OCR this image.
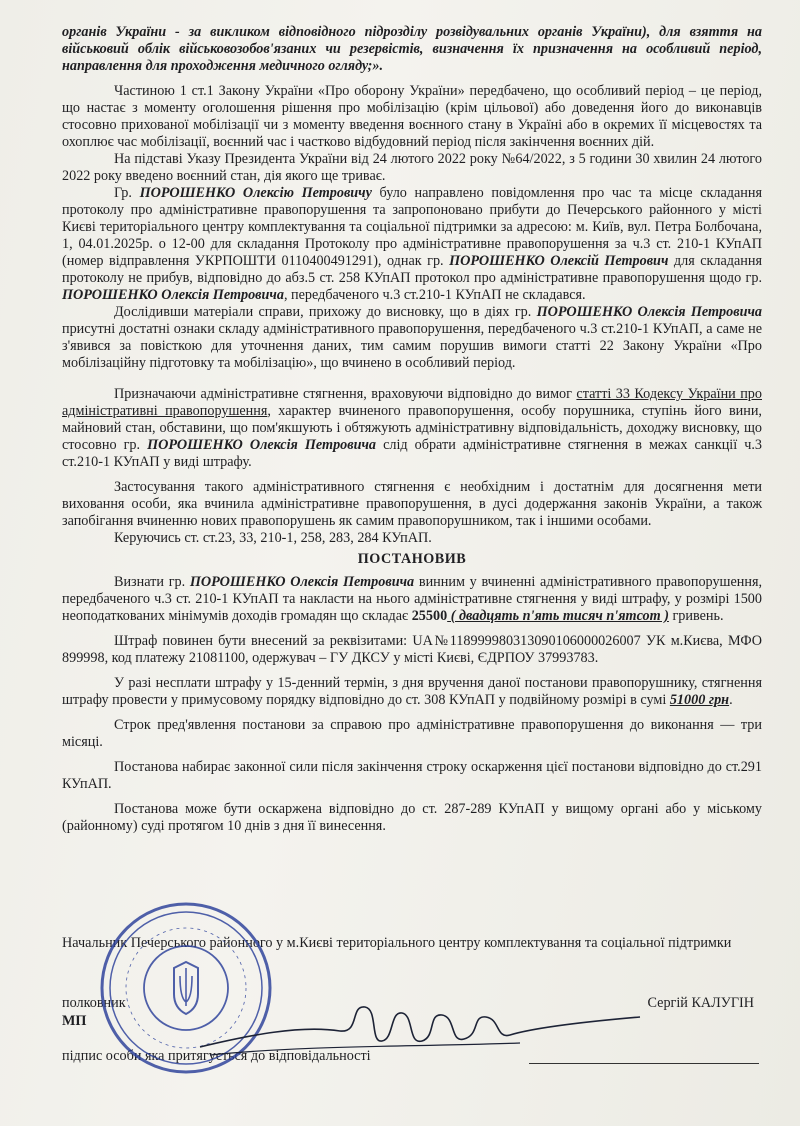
органів України - за викликом відповідного підрозділу розвідувальних органів України), для взяття на військовий облік військовозобов'язаних чи резервістів, визначення їх призначення на особливий період, направлення для проходження медичного огляду;».

Частиною 1 ст.1 Закону України «Про оборону України» передбачено, що особливий період – це період, що настає з моменту оголошення рішення про мобілізацію (крім цільової) або доведення його до виконавців стосовно прихованої мобілізації чи з моменту введення воєнного стану в Україні або в окремих її місцевостях та охоплює час мобілізації, воєнний час і частково відбудовний період після закінчення воєнних дій.

На підставі Указу Президента України від 24 лютого 2022 року №64/2022, з 5 години 30 хвилин 24 лютого 2022 року введено воєнний стан, дія якого ще триває.

Гр. ПОРОШЕНКО Олексію Петровичу було направлено повідомлення про час та місце складання протоколу про адміністративне правопорушення та запропоновано прибути до Печерського районного у місті Києві територіального центру комплектування та соціальної підтримки за адресою: м. Київ, вул. Петра Болбочана, 1, 04.01.2025р. о 12-00 для складання Протоколу про адміністративне правопорушення за ч.3 ст. 210-1 КУпАП (номер відправлення УКРПОШТИ 0110400491291), однак гр. ПОРОШЕНКО Олексій Петрович для складання протоколу не прибув, відповідно до абз.5 ст. 258 КУпАП протокол про адміністративне правопорушення щодо гр. ПОРОШЕНКО Олексія Петровича, передбаченого ч.3 ст.210-1 КУпАП не складався.

Дослідивши матеріали справи, прихожу до висновку, що в діях гр. ПОРОШЕНКО Олексія Петровича присутні достатні ознаки складу адміністративного правопорушення, передбаченого ч.3 ст.210-1 КУпАП, а саме не з'явився за повісткою для уточнення даних, тим самим порушив вимоги статті 22 Закону України «Про мобілізаційну підготовку та мобілізацію», що вчинено в особливий період.

Призначаючи адміністративне стягнення, враховуючи відповідно до вимог статті 33 Кодексу України про адміністративні правопорушення, характер вчиненого правопорушення, особу порушника, ступінь його вини, майновий стан, обставини, що пом'якшують і обтяжують адміністративну відповідальність, доходжу висновку, що стосовно гр. ПОРОШЕНКО Олексія Петровича слід обрати адміністративне стягнення в межах санкції ч.3 ст.210-1 КУпАП у виді штрафу.

Застосування такого адміністративного стягнення є необхідним і достатнім для досягнення мети виховання особи, яка вчинила адміністративне правопорушення, в дусі додержання законів України, а також запобігання вчиненню нових правопорушень як самим правопорушником, так і іншими особами.

Керуючись ст. ст.23, 33, 210-1, 258, 283, 284 КУпАП.

ПОСТАНОВИВ

Визнати гр. ПОРОШЕНКО Олексія Петровича винним у вчиненні адміністративного правопорушення, передбаченого ч.3 ст. 210-1 КУпАП та накласти на нього адміністративне стягнення у виді штрафу, у розмірі 1500 неоподаткованих мінімумів доходів громадян що складає 25500 ( двадцять п'ять тисяч п'ятсот ) гривень.

Штраф повинен бути внесений за реквізитами: UA№118999980313090106000026007 УК м.Києва, МФО 899998, код платежу 21081100, одержувач – ГУ ДКСУ у місті Києві, ЄДРПОУ 37993783.

У разі несплати штрафу у 15-денний термін, з дня вручення даної постанови правопорушнику, стягнення штрафу провести у примусовому порядку відповідно до ст. 308 КУпАП у подвійному розмірі в сумі 51000 грн.

Строк пред'явлення постанови за справою про адміністративне правопорушення до виконання — три місяці.

Постанова набирає законної сили після закінчення строку оскарження цієї постанови відповідно до ст.291 КУпАП.

Постанова може бути оскаржена відповідно до ст. 287-289 КУпАП у вищому органі або у міському (районному) суді протягом 10 днів з дня її винесення.

Начальник Печерського районного у м.Києві територіального центру комплектування та соціальної підтримки

полковник
МП
Сергій КАЛУГІН
підпис особи яка притягується до відповідальності
